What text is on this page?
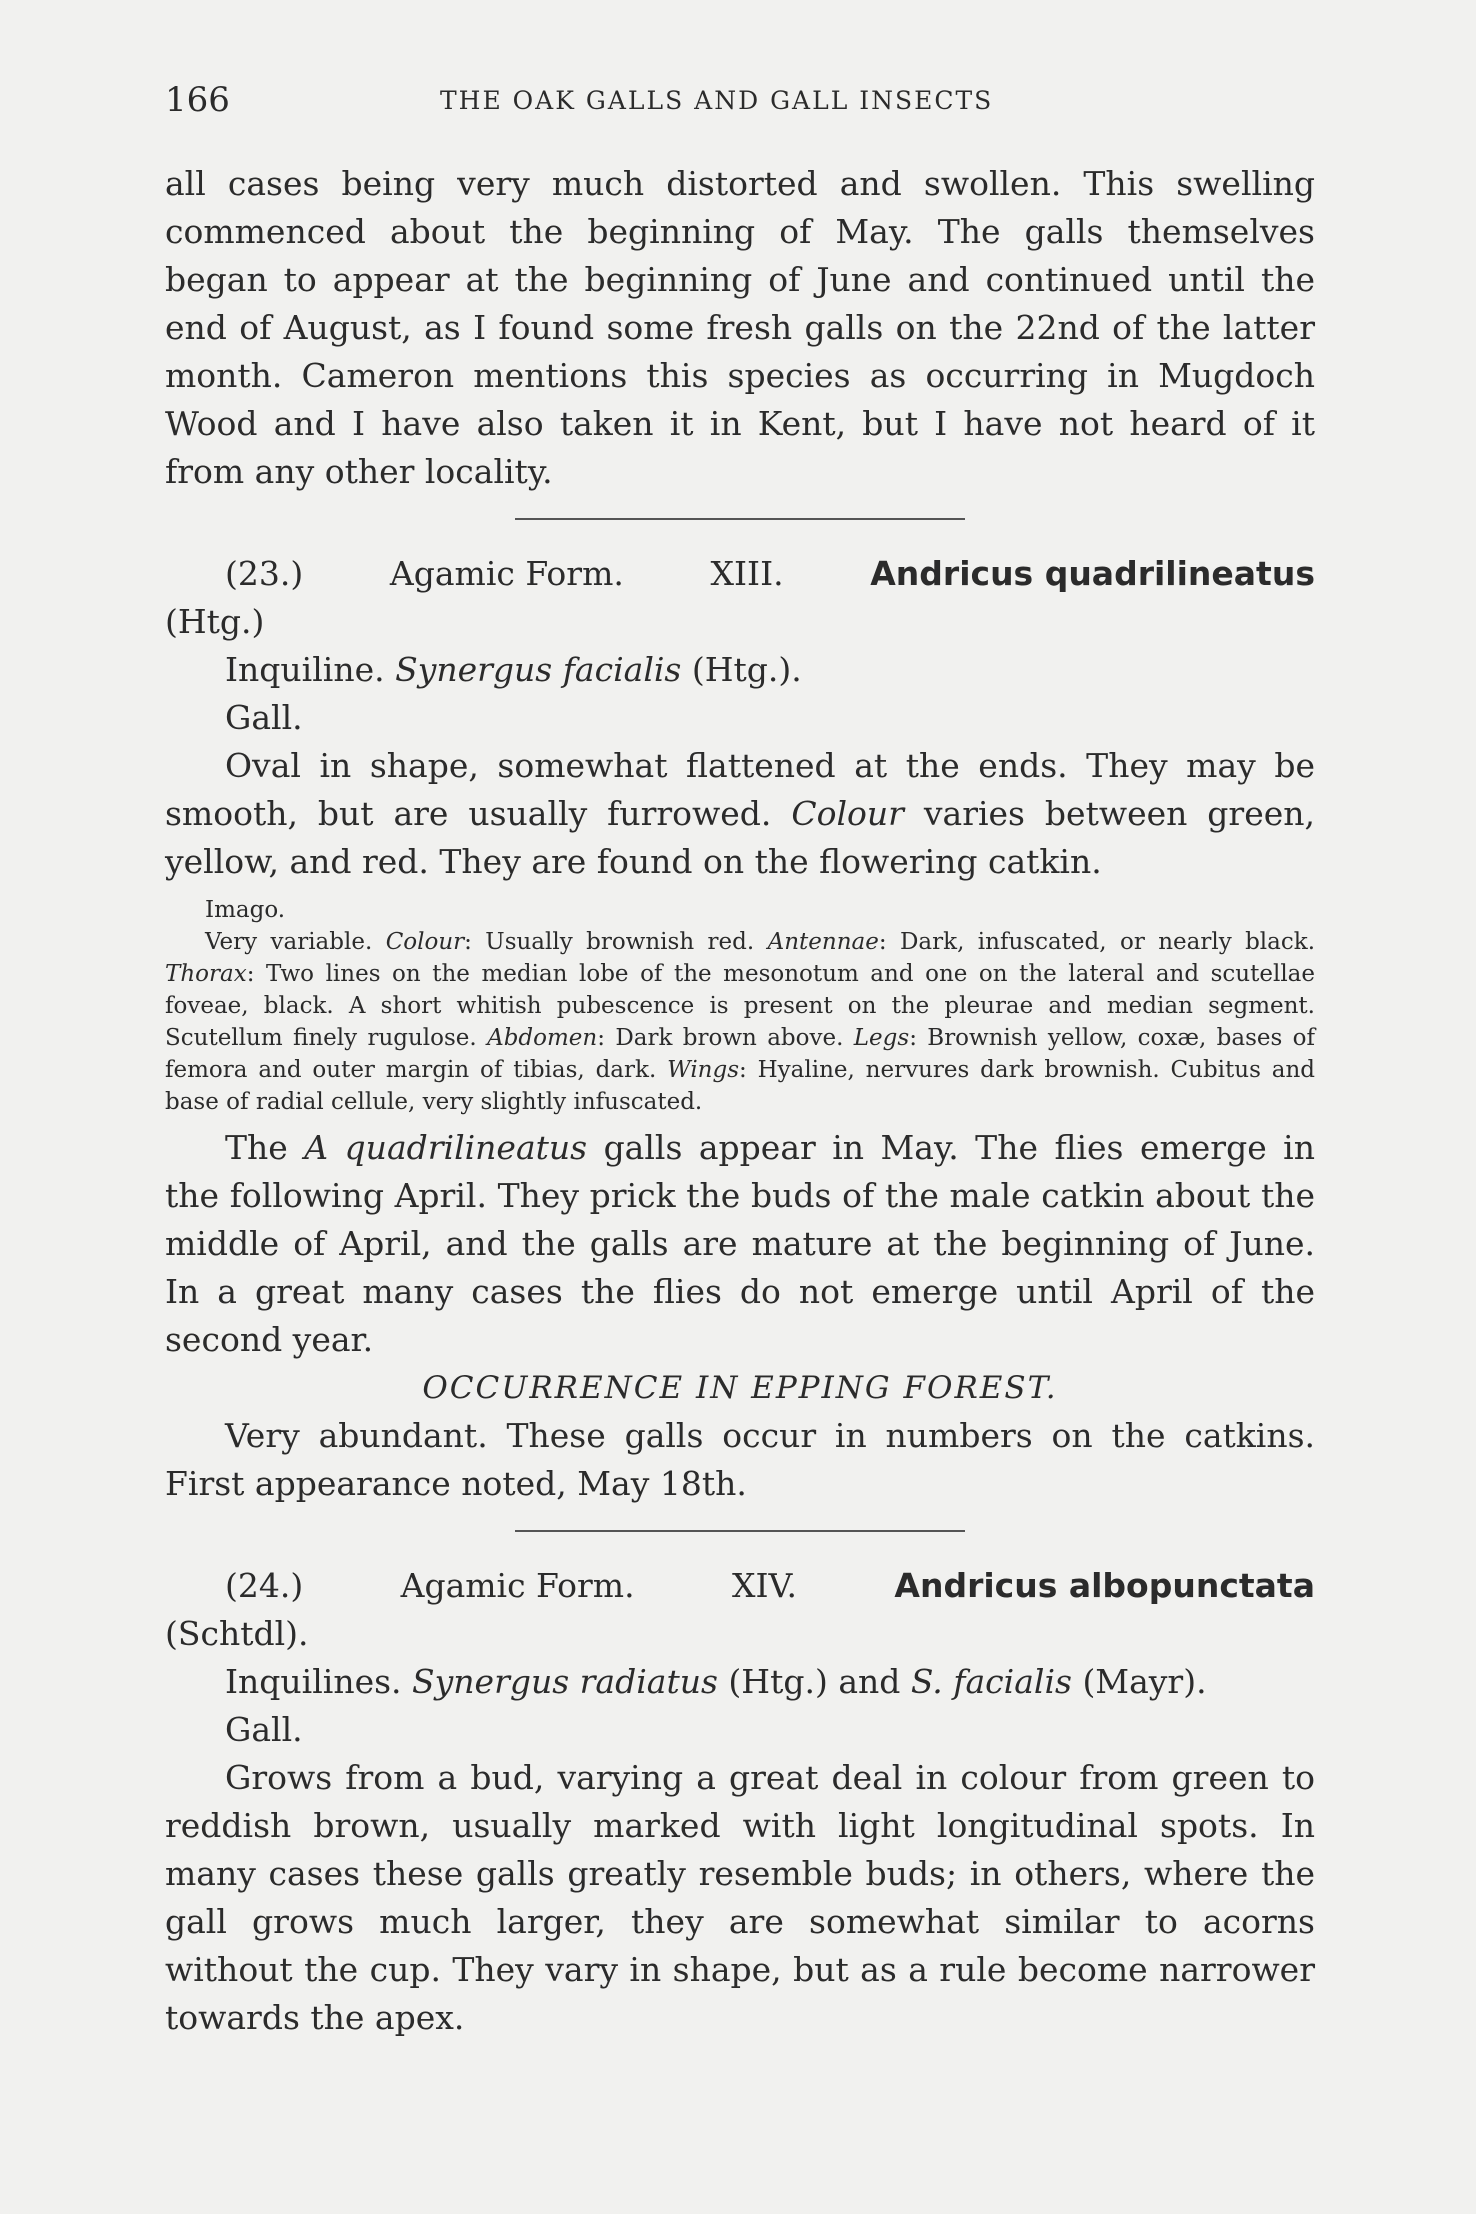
166	THE OAK GALLS AND GALL INSECTS

all cases being very much distorted and swollen. This swelling commenced about the beginning of May. The galls themselves began to appear at the beginning of June and continued until the end of August, as I found some fresh galls on the 22nd of the latter month. Cameron mentions this species as occurring in Mugdoch Wood and I have also taken it in Kent, but I have not heard of it from any other locality.

(23.)	Agamic Form.	XIII.	Andricus quadrilineatus

(Htg.)

Inquiline. Synergus facialis (Htg.).

Gall.

Oval in shape, somewhat flattened at the ends. They may be smooth, but are usually furrowed. Colour varies between green, yellow, and red. They are found on the flowering catkin.

Imago.

Very variable. Colour: Usually brownish red. Antennae: Dark, infuscated, or nearly black. Thorax: Two lines on the median lobe of the mesonotum and one on the lateral and scutellae foveae, black. A short whitish pubescence is present on the pleurae and median segment. Scutellum finely rugulose. Abdomen: Dark brown above. Legs: Brownish yellow, coxæ, bases of femora and outer margin of tibias, dark. Wings: Hyaline, nervures dark brownish. Cubitus and base of radial cellule, very slightly infuscated.

The A quadrilineatus galls appear in May. The flies emerge in the following April. They prick the buds of the male catkin about the middle of April, and the galls are mature at the beginning of June. In a great many cases the flies do not emerge until April of the second year.

OCCURRENCE IN EPPING FOREST.

Very abundant. These galls occur in numbers on the catkins. First appearance noted, May 18th.

(24.)	Agamic Form.	XIV.	Andricus albopunctata

(Schtdl).

Inquilines. Synergus radiatus (Htg.) and S. facialis (Mayr).

Gall.

Grows from a bud, varying a great deal in colour from green to reddish brown, usually marked with light longitudinal spots. In many cases these galls greatly resemble buds; in others, where the gall grows much larger, they are somewhat similar to acorns without the cup. They vary in shape, but as a rule become narrower towards the apex.
